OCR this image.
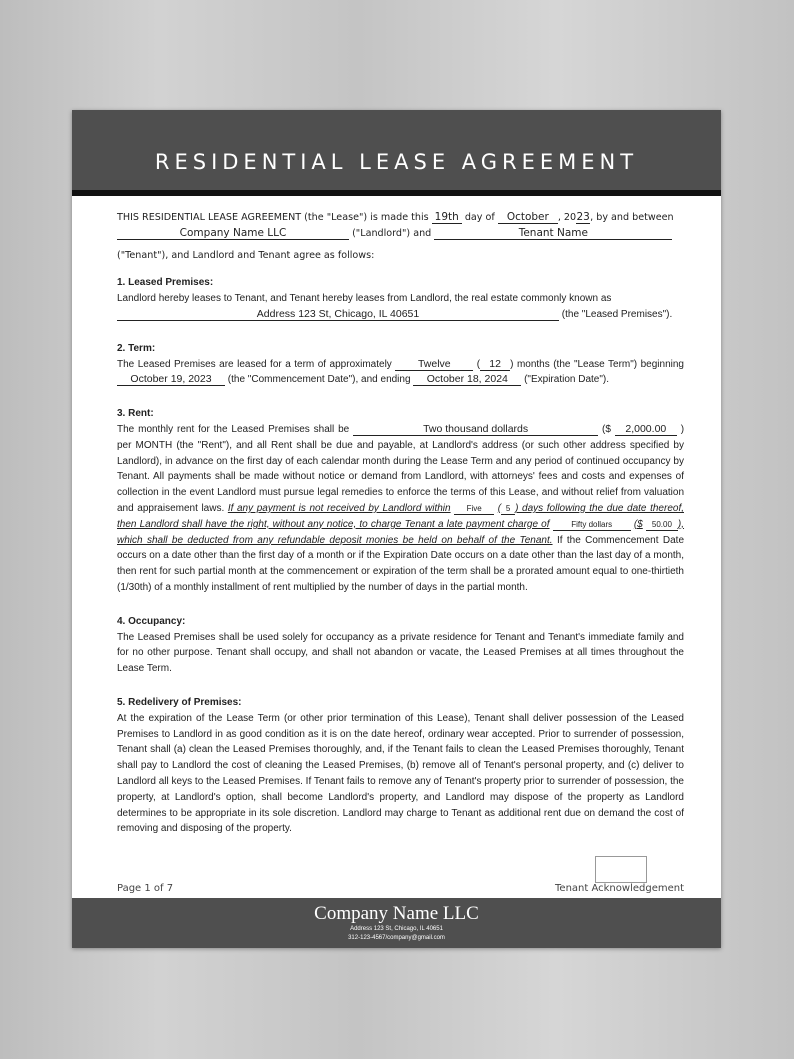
RESIDENTIAL LEASE AGREEMENT

THIS RESIDENTIAL LEASE AGREEMENT (the "Lease") is made this 19th day of October , 2023, by and between
Company Name LLC	("Landlord") and	Tenant Name
("Tenant"), and Landlord and Tenant agree as follows:

1. Leased Premises:

Landlord hereby leases to Tenant, and Tenant hereby leases from Landlord, the real estate commonly known as
Address 123 St, Chicago, IL 40651	(the "Leased Premises").

2. Term:

The Leased Premises are leased for a term of approximately Twelve	( 12 ) months (the "Lease Term") beginning October 19, 2023 (the "Commencement Date"), and ending October 18, 2024 ("Expiration Date").

3. Rent:

The monthly rent for the Leased Premises shall be	Two thousand dollards	($ 2,000.00 ) per MONTH (the "Rent"), and all Rent shall be due and payable, at Landlord's address (or such other address specified by Landlord), in advance on the first day of each calendar month during the Lease Term and any period of continued occupancy by Tenant. All payments shall be made without notice or demand from Landlord, with attorneys' fees and costs and expenses of collection in the event Landlord must pursue legal remedies to enforce the terms of this Lease, and without relief from valuation and appraisement laws. If any payment is not received by Landlord within Five ( 5 ) days following the due date thereof, then Landlord shall have the right, without any notice, to charge Tenant a late payment charge of	Fifty dollars ($ 50.00 ), which shall be deducted from any refundable deposit monies be held on behalf of the Tenant. If the Commencement Date occurs on a date other than the first day of a month or if the Expiration Date occurs on a date other than the last day of a month, then rent for such partial month at the commencement or expiration of the term shall be a prorated amount equal to one-thirtieth (1/30th) of a monthly installment of rent multiplied by the number of days in the partial month.

4. Occupancy:

The Leased Premises shall be used solely for occupancy as a private residence for Tenant and Tenant's immediate family and for no other purpose. Tenant shall occupy, and shall not abandon or vacate, the Leased Premises at all times throughout the Lease Term.

5. Redelivery of Premises:

At the expiration of the Lease Term (or other prior termination of this Lease), Tenant shall deliver possession of the Leased Premises to Landlord in as good condition as it is on the date hereof, ordinary wear accepted. Prior to surrender of possession, Tenant shall (a) clean the Leased Premises thoroughly, and, if the Tenant fails to clean the Leased Premises thoroughly, Tenant shall pay to Landlord the cost of cleaning the Leased Premises, (b) remove all of Tenant's personal property, and (c) deliver to Landlord all keys to the Leased Premises. If Tenant fails to remove any of Tenant's property prior to surrender of possession, the property, at Landlord's option, shall become Landlord's property, and Landlord may dispose of the property as Landlord determines to be appropriate in its sole discretion. Landlord may charge to Tenant as additional rent due on demand the cost of removing and disposing of the property.

Page 1 of 7	Tenant Acknowledgement
Company Name LLC
Address 123 St, Chicago, IL 40651
312-123-4567/company@gmail.com
